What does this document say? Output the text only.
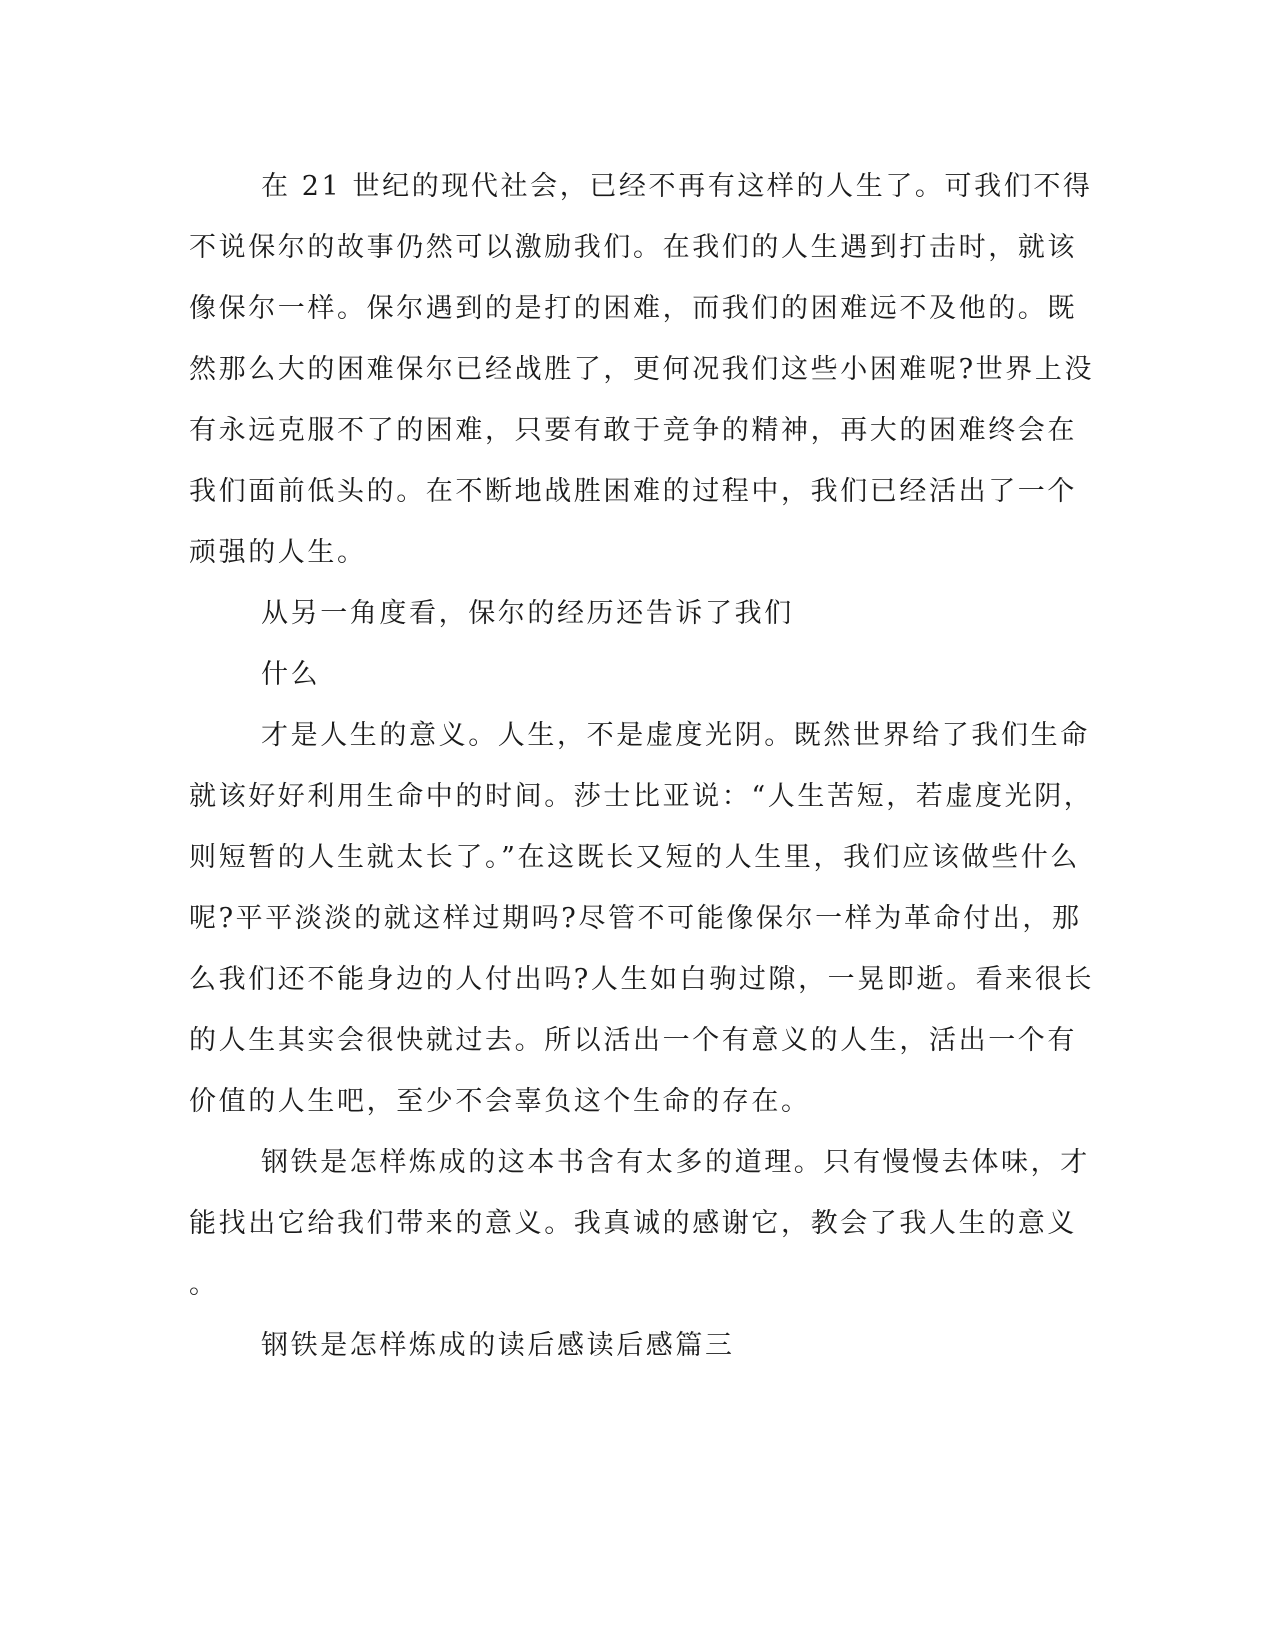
在 21 世纪的现代社会，已经不再有这样的人生了。可我们不得
不说保尔的故事仍然可以激励我们。在我们的人生遇到打击时，就该
像保尔一样。保尔遇到的是打的困难，而我们的困难远不及他的。既
然那么大的困难保尔已经战胜了，更何况我们这些小困难呢?世界上没
有永远克服不了的困难，只要有敢于竞争的精神，再大的困难终会在
我们面前低头的。在不断地战胜困难的过程中，我们已经活出了一个
顽强的人生。
从另一角度看，保尔的经历还告诉了我们
什么
才是人生的意义。人生，不是虚度光阴。既然世界给了我们生命
就该好好利用生命中的时间。莎士比亚说：“人生苦短，若虚度光阴，
则短暂的人生就太长了。”在这既长又短的人生里，我们应该做些什么
呢?平平淡淡的就这样过期吗?尽管不可能像保尔一样为革命付出，那
么我们还不能身边的人付出吗?人生如白驹过隙，一晃即逝。看来很长
的人生其实会很快就过去。所以活出一个有意义的人生，活出一个有
价值的人生吧，至少不会辜负这个生命的存在。
钢铁是怎样炼成的这本书含有太多的道理。只有慢慢去体味，才
能找出它给我们带来的意义。我真诚的感谢它，教会了我人生的意义
。
钢铁是怎样炼成的读后感读后感篇三
